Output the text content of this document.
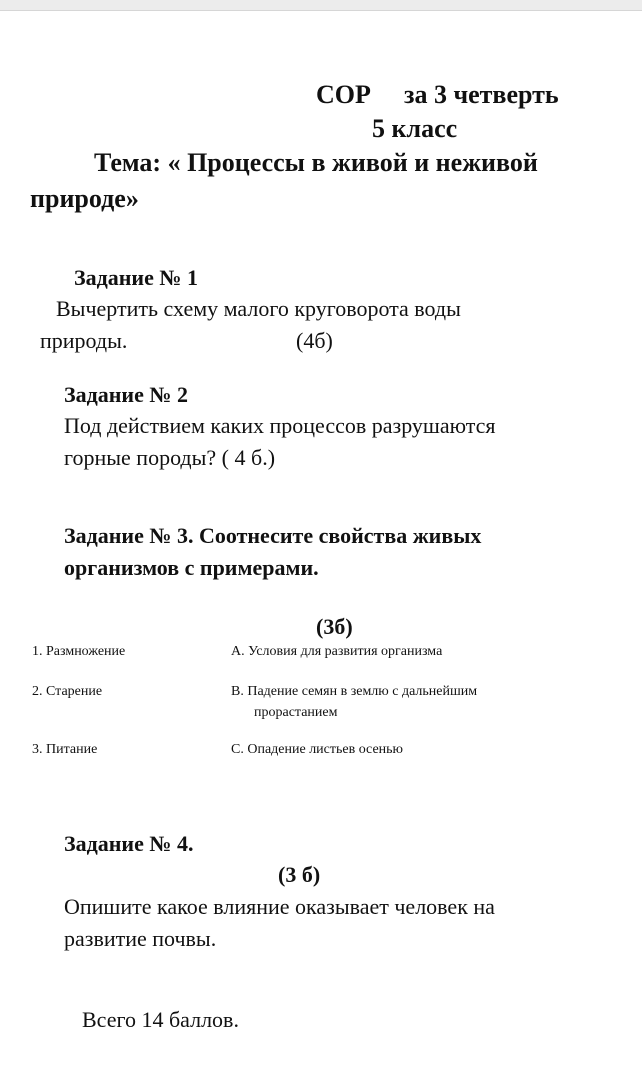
СОР за 3 четверть
5 класс
Тема: « Процессы в живой и неживой
природе»
Задание № 1
Вычертить схему малого круговорота воды
природы.	(4б)
Задание № 2
Под действием каких процессов разрушаются
горные породы? ( 4 б.)
Задание № 3. Соотнесите свойства живых
организмов с примерами.
(3б)
1. Размножение	А. Условия для развития организма
2. Старение	В. Падение семян в землю с дальнейшим
прорастанием
3. Питание	С. Опадение листьев осенью
Задание № 4.
(3 б)
Опишите какое влияние оказывает человек на
развитие почвы.
Всего 14 баллов.
